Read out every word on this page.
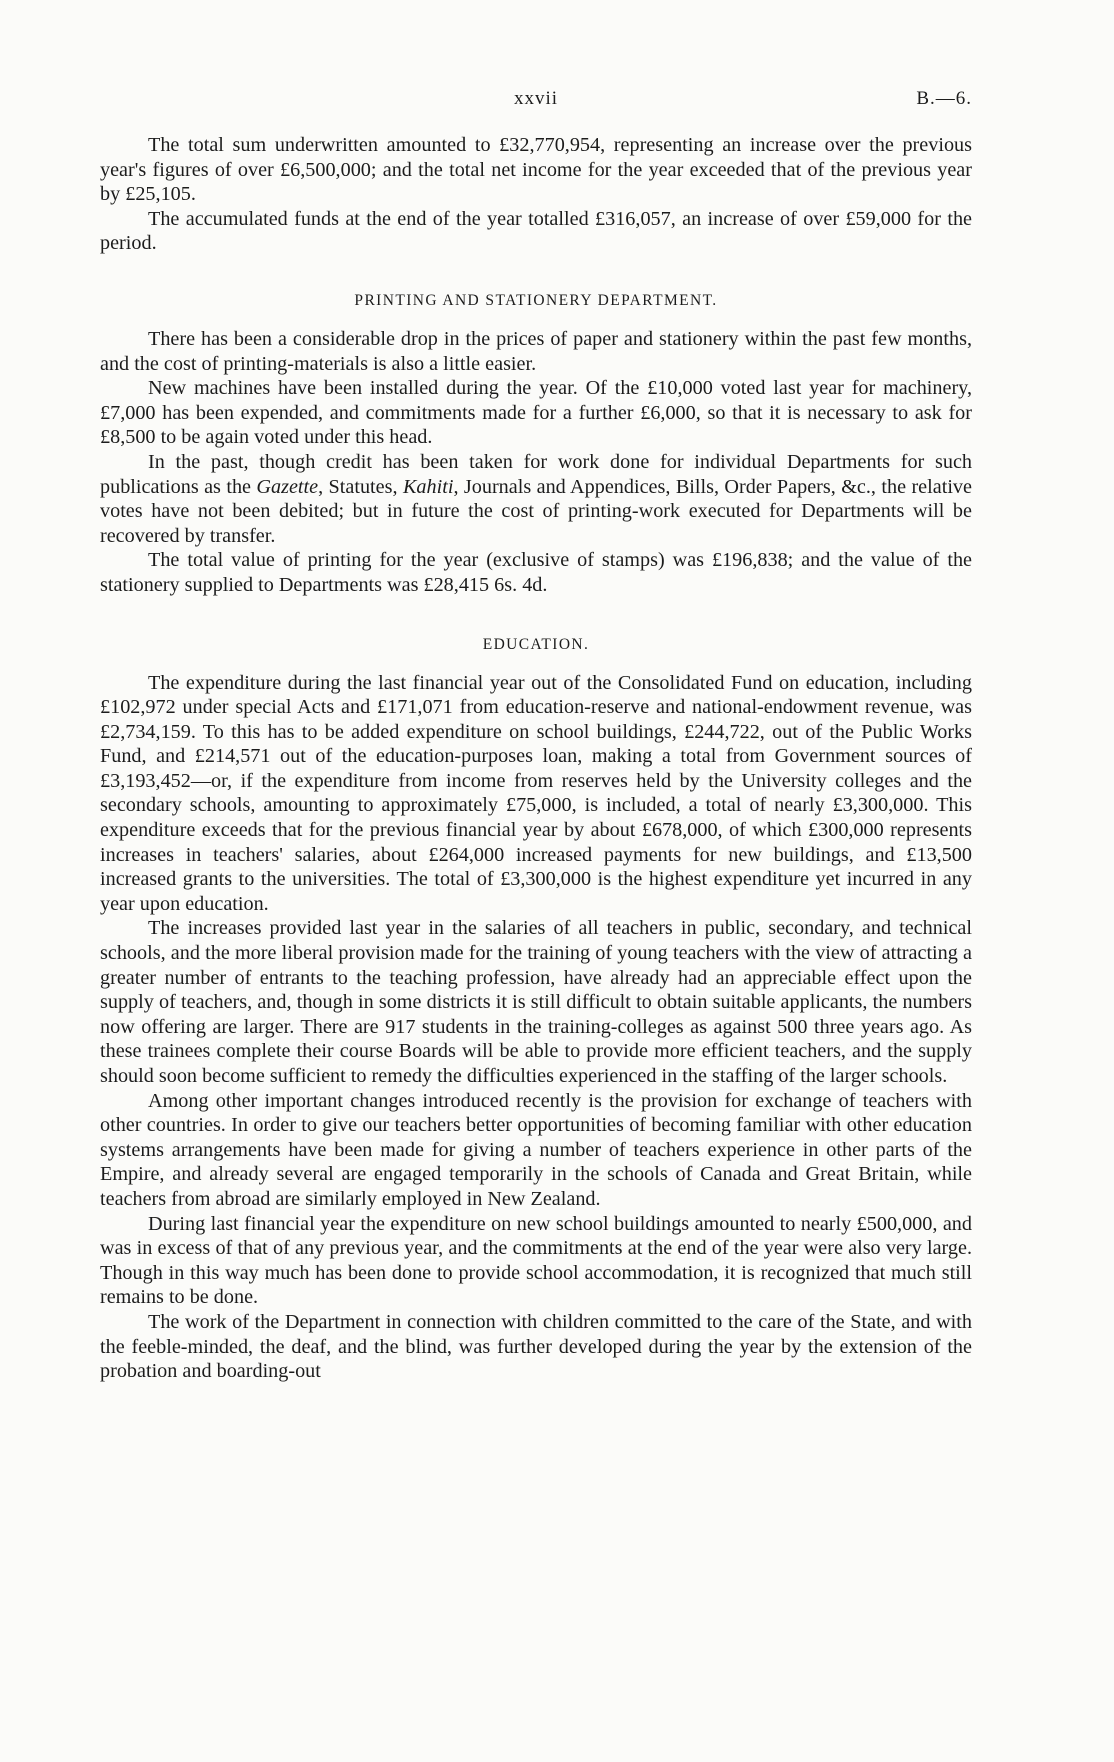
xxvii	B.—6.

The total sum underwritten amounted to £32,770,954, representing an increase over the previous year's figures of over £6,500,000; and the total net income for the year exceeded that of the previous year by £25,105.

The accumulated funds at the end of the year totalled £316,057, an increase of over £59,000 for the period.

PRINTING AND STATIONERY DEPARTMENT.

There has been a considerable drop in the prices of paper and stationery within the past few months, and the cost of printing-materials is also a little easier.

New machines have been installed during the year. Of the £10,000 voted last year for machinery, £7,000 has been expended, and commitments made for a further £6,000, so that it is necessary to ask for £8,500 to be again voted under this head.

In the past, though credit has been taken for work done for individual Departments for such publications as the Gazette, Statutes, Kahiti, Journals and Appendices, Bills, Order Papers, &c., the relative votes have not been debited; but in future the cost of printing-work executed for Departments will be recovered by transfer.

The total value of printing for the year (exclusive of stamps) was £196,838; and the value of the stationery supplied to Departments was £28,415 6s. 4d.

EDUCATION.

The expenditure during the last financial year out of the Consolidated Fund on education, including £102,972 under special Acts and £171,071 from education-reserve and national-endowment revenue, was £2,734,159. To this has to be added expenditure on school buildings, £244,722, out of the Public Works Fund, and £214,571 out of the education-purposes loan, making a total from Government sources of £3,193,452—or, if the expenditure from income from reserves held by the University colleges and the secondary schools, amounting to approximately £75,000, is included, a total of nearly £3,300,000. This expenditure exceeds that for the previous financial year by about £678,000, of which £300,000 represents increases in teachers' salaries, about £264,000 increased payments for new buildings, and £13,500 increased grants to the universities. The total of £3,300,000 is the highest expenditure yet incurred in any year upon education.

The increases provided last year in the salaries of all teachers in public, secondary, and technical schools, and the more liberal provision made for the training of young teachers with the view of attracting a greater number of entrants to the teaching profession, have already had an appreciable effect upon the supply of teachers, and, though in some districts it is still difficult to obtain suitable applicants, the numbers now offering are larger. There are 917 students in the training-colleges as against 500 three years ago. As these trainees complete their course Boards will be able to provide more efficient teachers, and the supply should soon become sufficient to remedy the difficulties experienced in the staffing of the larger schools.

Among other important changes introduced recently is the provision for exchange of teachers with other countries. In order to give our teachers better opportunities of becoming familiar with other education systems arrangements have been made for giving a number of teachers experience in other parts of the Empire, and already several are engaged temporarily in the schools of Canada and Great Britain, while teachers from abroad are similarly employed in New Zealand.

During last financial year the expenditure on new school buildings amounted to nearly £500,000, and was in excess of that of any previous year, and the commitments at the end of the year were also very large. Though in this way much has been done to provide school accommodation, it is recognized that much still remains to be done.

The work of the Department in connection with children committed to the care of the State, and with the feeble-minded, the deaf, and the blind, was further developed during the year by the extension of the probation and boarding-out
